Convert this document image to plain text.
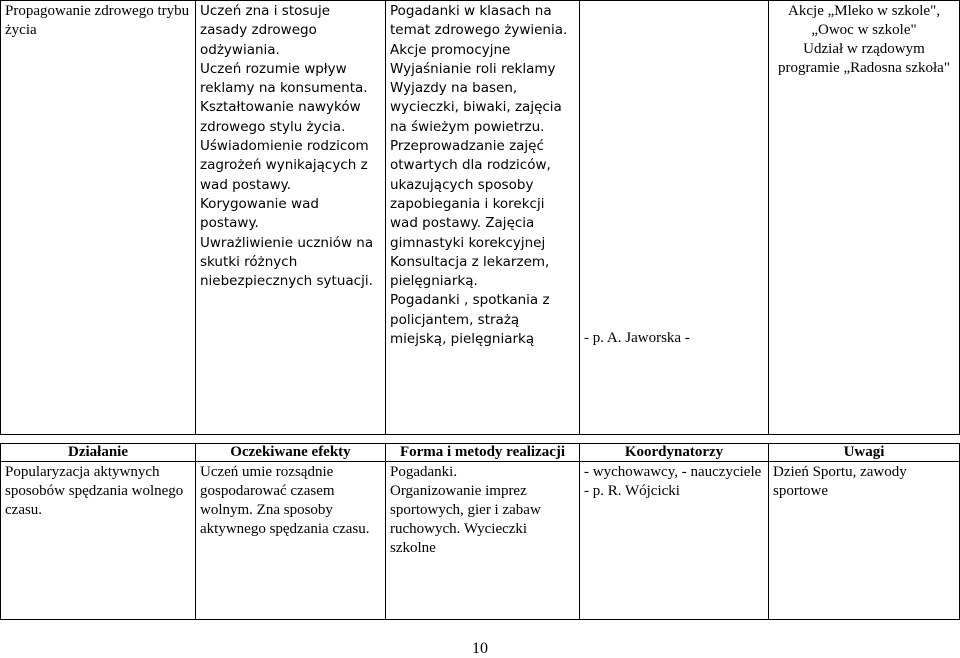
Propagowanie zdrowego trybu życia	Uczeń zna i stosuje zasady zdrowego odżywiania.
Uczeń rozumie wpływ reklamy na konsumenta.
Kształtowanie nawyków zdrowego stylu życia.
Uświadomienie rodzicom zagrożeń wynikających z wad postawy.
Korygowanie wad postawy.
Uwrażliwienie uczniów na skutki różnych niebezpiecznych sytuacji.	Pogadanki w klasach na temat zdrowego żywienia.
Akcje promocyjne
Wyjaśnianie roli reklamy
Wyjazdy na basen, wycieczki, biwaki, zajęcia na świeżym powietrzu.
Przeprowadzanie zajęć otwartych dla rodziców, ukazujących sposoby zapobiegania i korekcji wad postawy. Zajęcia gimnastyki korekcyjnej
Konsultacja z lekarzem, pielęgniarką.
Pogadanki , spotkania z policjantem, strażą miejską, pielęgniarką	- p. A. Jaworska -	Akcje „Mleko w szkole", „Owoc w szkole"
Udział w rządowym programie „Radosna szkoła"
Działanie	Oczekiwane efekty	Forma i metody realizacji	Koordynatorzy	Uwagi
Popularyzacja aktywnych sposobów spędzania wolnego czasu.	Uczeń umie rozsądnie gospodarować czasem wolnym. Zna sposoby aktywnego spędzania czasu.	Pogadanki.
Organizowanie imprez sportowych, gier i zabaw ruchowych. Wycieczki szkolne	- wychowawcy, - nauczyciele - p. R. Wójcicki	Dzień Sportu, zawody sportowe
10
